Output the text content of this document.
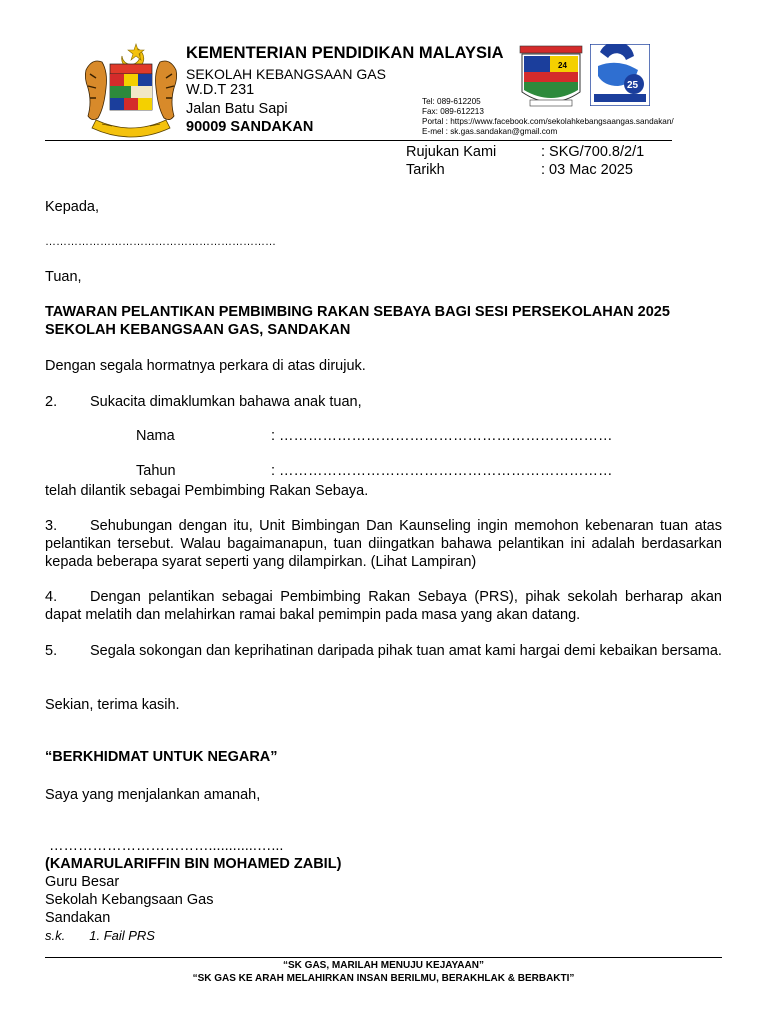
KEMENTERIAN PENDIDIKAN MALAYSIA
SEKOLAH KEBANGSAAN GAS
W.D.T 231
Jalan Batu Sapi
90009 SANDAKAN
24
25
Tel: 089-612205
Fax: 089-612213
Portal : https://www.facebook.com/sekolahkebangsaangas.sandakan/
E-mel : sk.gas.sandakan@gmail.com
Rujukan Kami	: SKG/700.8/2/1
Tarikh	: 03 Mac 2025
Kepada,
………………………………………………………
Tuan,
TAWARAN PELANTIKAN PEMBIMBING RAKAN SEBAYA BAGI SESI PERSEKOLAHAN 2025
SEKOLAH KEBANGSAAN GAS, SANDAKAN
Dengan segala hormatnya perkara di atas dirujuk.
2. Sukacita dimaklumkan bahawa anak tuan,
Nama	: ……………………………………………………………
Tahun	: ……………………………………………………………
telah dilantik sebagai Pembimbing Rakan Sebaya.
3. Sehubungan dengan itu, Unit Bimbingan Dan Kaunseling ingin memohon kebenaran tuan atas pelantikan tersebut. Walau bagaimanapun, tuan diingatkan bahawa pelantikan ini adalah berdasarkan kepada beberapa syarat seperti yang dilampirkan. (Lihat Lampiran)
4. Dengan pelantikan sebagai Pembimbing Rakan Sebaya (PRS), pihak sekolah berharap akan dapat melatih dan melahirkan ramai bakal pemimpin pada masa yang akan datang.
5. Segala sokongan dan keprihatinan daripada pihak tuan amat kami hargai demi kebaikan bersama.
Sekian, terima kasih.
“BERKHIDMAT UNTUK NEGARA”
Saya yang menjalankan amanah,
……………………………............…...
(KAMARULARIFFIN BIN MOHAMED ZABIL)
Guru Besar
Sekolah Kebangsaan Gas
Sandakan
s.k. 1. Fail PRS
“SK GAS, MARILAH MENUJU KEJAYAAN”
“SK GAS KE ARAH MELAHIRKAN INSAN BERILMU, BERAKHLAK & BERBAKTI”
